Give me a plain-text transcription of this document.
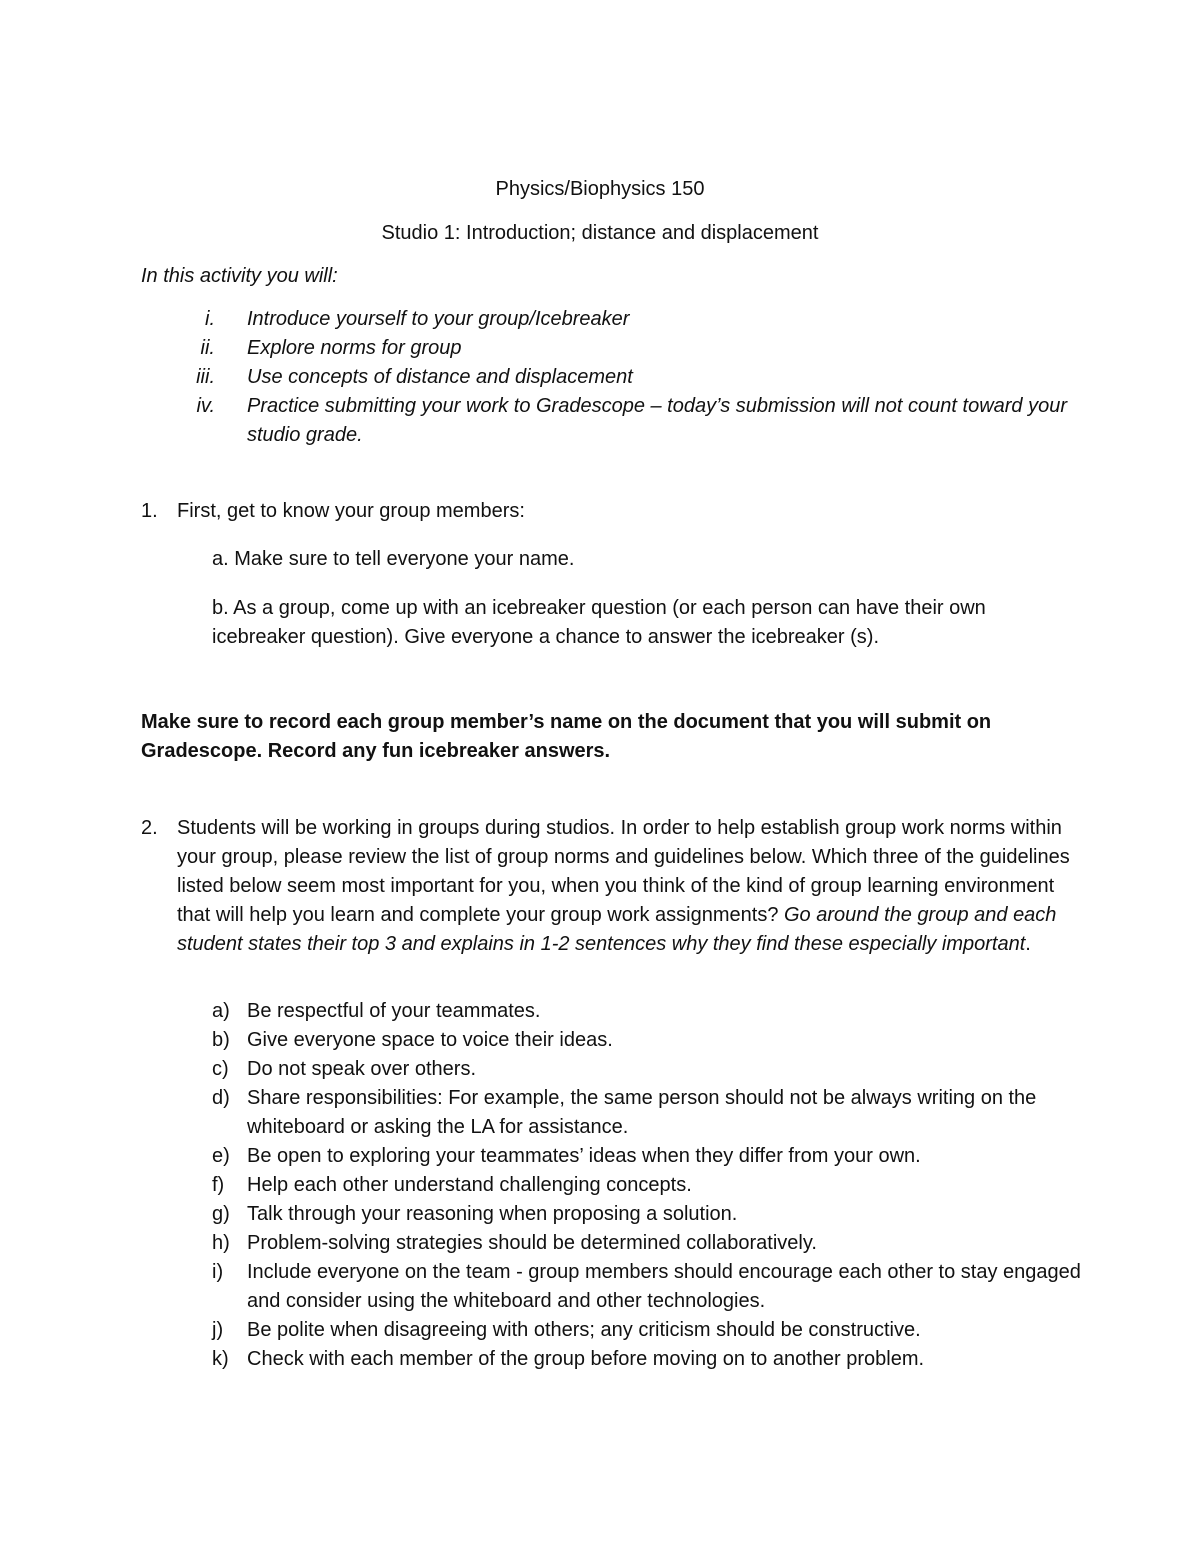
Physics/Biophysics 150
Studio 1: Introduction; distance and displacement
In this activity you will:
i.	Introduce yourself to your group/Icebreaker
ii.	Explore norms for group
iii.	Use concepts of distance and displacement
iv.	Practice submitting your work to Gradescope – today’s submission will not count toward your studio grade.
1. First, get to know your group members:
a. Make sure to tell everyone your name.
b. As a group, come up with an icebreaker question (or each person can have their own icebreaker question). Give everyone a chance to answer the icebreaker (s).
Make sure to record each group member’s name on the document that you will submit on Gradescope. Record any fun icebreaker answers.
2. Students will be working in groups during studios. In order to help establish group work norms within your group, please review the list of group norms and guidelines below. Which three of the guidelines listed below seem most important for you, when you think of the kind of group learning environment that will help you learn and complete your group work assignments? Go around the group and each student states their top 3 and explains in 1-2 sentences why they find these especially important.
a) Be respectful of your teammates.
b) Give everyone space to voice their ideas.
c) Do not speak over others.
d) Share responsibilities: For example, the same person should not be always writing on the whiteboard or asking the LA for assistance.
e) Be open to exploring your teammates’ ideas when they differ from your own.
f)	Help each other understand challenging concepts.
g) Talk through your reasoning when proposing a solution.
h) Problem-solving strategies should be determined collaboratively.
i)	Include everyone on the team - group members should encourage each other to stay engaged and consider using the whiteboard and other technologies.
j)	Be polite when disagreeing with others; any criticism should be constructive.
k) Check with each member of the group before moving on to another problem.
